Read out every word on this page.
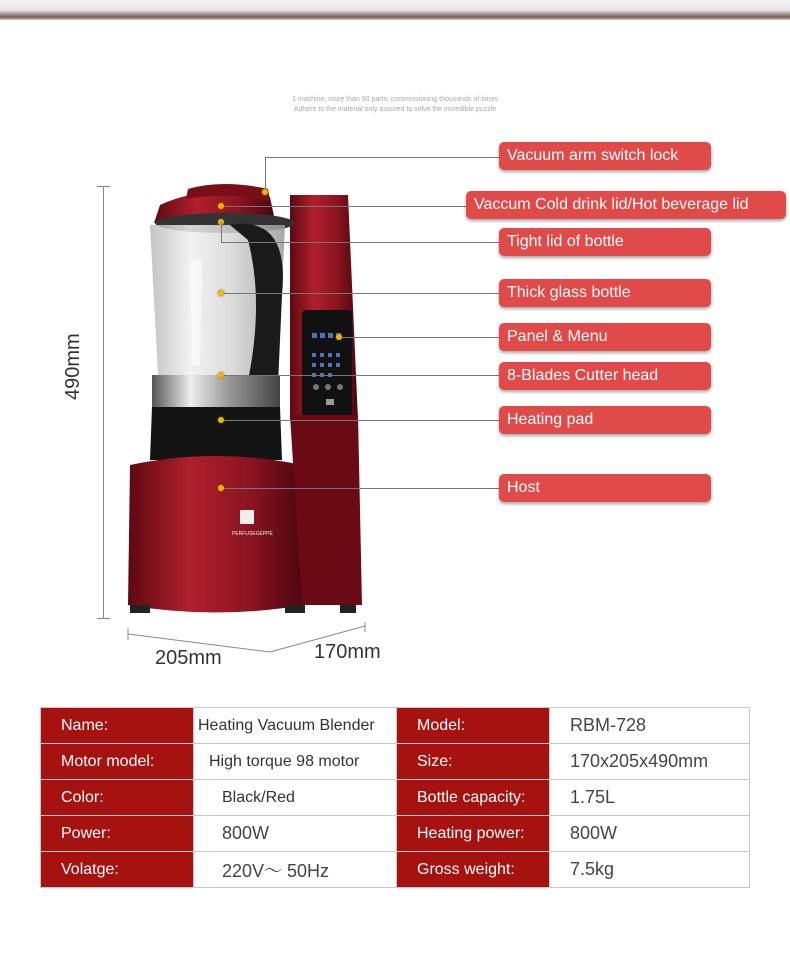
1 machine, more than 90 parts, commissioning thousands of times
Adhere to the material only assured to solve the incredible puzzle
490mm
205mm	170mm
PERFUSEGEPPE
Vacuum arm switch lock
Vaccum Cold drink lid/Hot beverage lid
Tight lid of bottle
Thick glass bottle
Panel & Menu
8-Blades Cutter head
Heating pad
Host
Name:	Heating Vacuum Blender	Model:	RBM-728
Motor model:	High torque 98 motor	Size:	170x205x490mm
Color:	Black/Red	Bottle capacity:	1.75L
Power:	800W	Heating power:	800W
Volatge:	220V～ 50Hz	Gross weight:	7.5kg
